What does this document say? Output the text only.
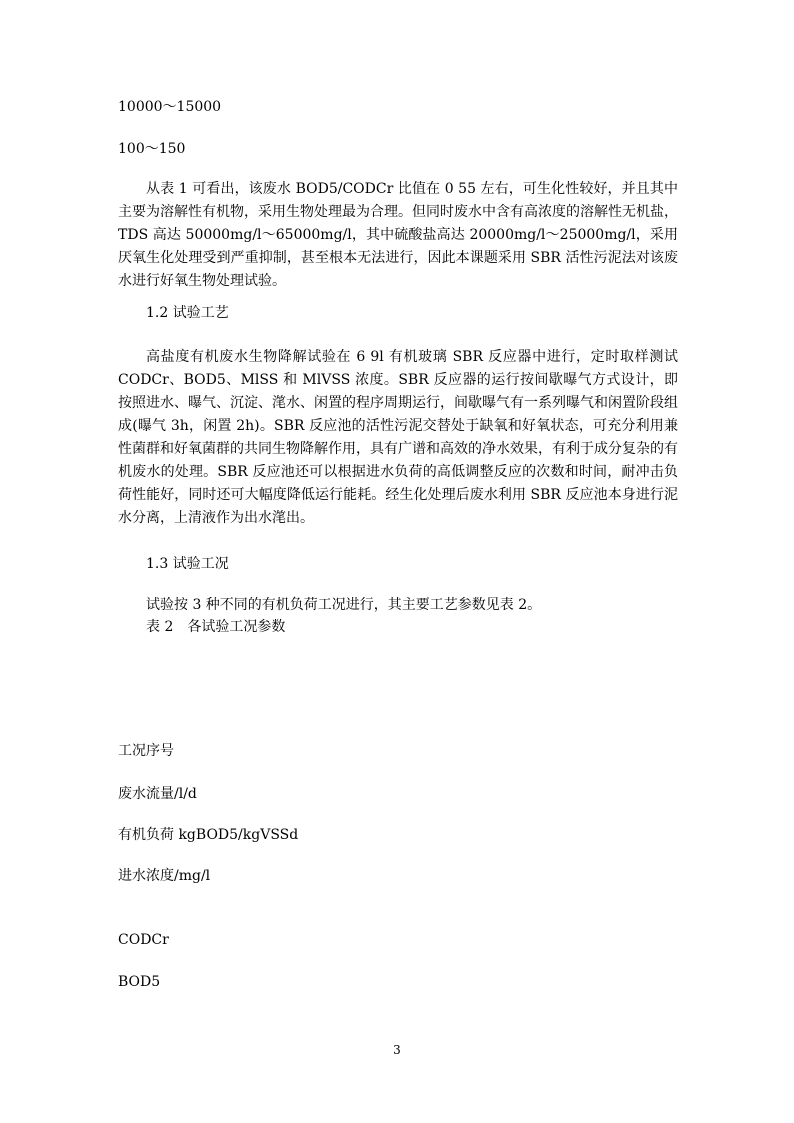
10000～15000
100～150
从表 1 可看出，该废水 BOD5/CODCr 比值在 0 55 左右，可生化性较好，并且其中主要为溶解性有机物，采用生物处理最为合理。但同时废水中含有高浓度的溶解性无机盐，TDS 高达 50000mg/l～65000mg/l，其中硫酸盐高达 20000mg/l～25000mg/l，采用厌氧生化处理受到严重抑制，甚至根本无法进行，因此本课题采用 SBR 活性污泥法对该废水进行好氧生物处理试验。
1.2 试验工艺
高盐度有机废水生物降解试验在 6 9l 有机玻璃 SBR 反应器中进行，定时取样测试 CODCr、BOD5、MlSS 和 MlVSS 浓度。SBR 反应器的运行按间歇曝气方式设计，即按照进水、曝气、沉淀、滗水、闲置的程序周期运行，间歇曝气有一系列曝气和闲置阶段组成(曝气 3h，闲置 2h)。SBR 反应池的活性污泥交替处于缺氧和好氧状态，可充分利用兼性菌群和好氧菌群的共同生物降解作用，具有广谱和高效的净水效果，有利于成分复杂的有机废水的处理。SBR 反应池还可以根据进水负荷的高低调整反应的次数和时间，耐冲击负荷性能好，同时还可大幅度降低运行能耗。经生化处理后废水利用 SBR 反应池本身进行泥水分离，上清液作为出水滗出。
1.3 试验工况
试验按 3 种不同的有机负荷工况进行，其主要工艺参数见表 2。
表 2　各试验工况参数
工况序号
废水流量/l/d
有机负荷 kgBOD5/kgVSSd
进水浓度/mg/l
CODCr
BOD5
3
